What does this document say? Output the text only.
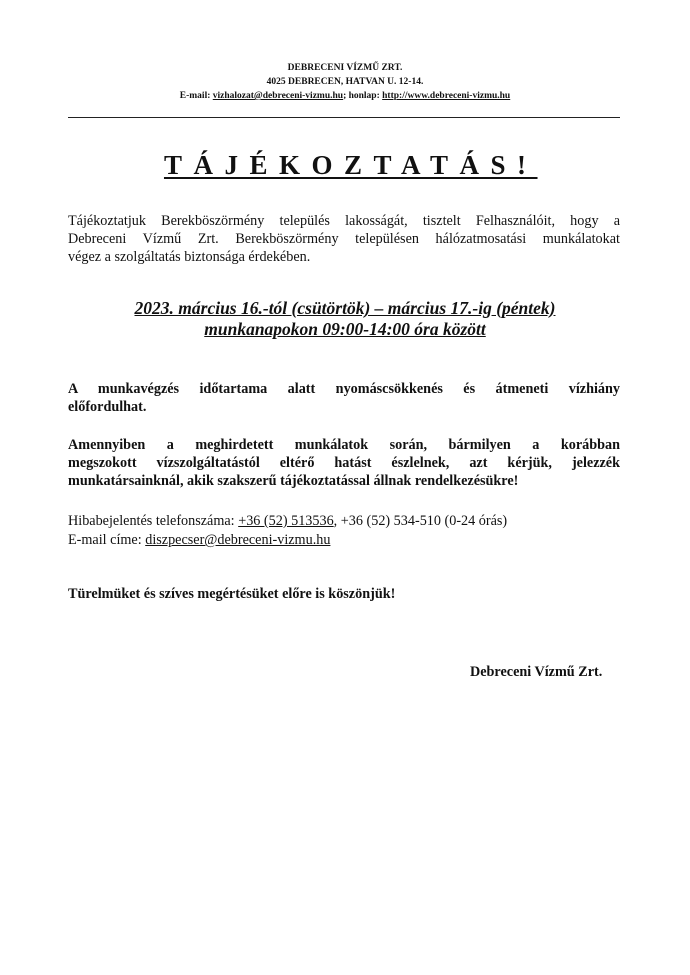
DEBRECENI VÍZMŰ ZRT.
4025 DEBRECEN, HATVAN U. 12-14.
E-mail: vizhalozat@debreceni-vizmu.hu; honlap: http://www.debreceni-vizmu.hu
TÁJÉKOZTATÁS!
Tájékoztatjuk Berekböszörmény település lakosságát, tisztelt Felhasználóit, hogy a
Debreceni Vízmű Zrt. Berekböszörmény településen hálózatmosatási munkálatokat
végez a szolgáltatás biztonsága érdekében.
2023. március 16.-tól (csütörtök) – március 17.-ig (péntek)
munkanapokon 09:00-14:00 óra között
A munkavégzés időtartama alatt nyomáscsökkenés és átmeneti vízhiány
előfordulhat.
Amennyiben a meghirdetett munkálatok során, bármilyen a korábban
megszokott vízszolgáltatástól eltérő hatást észlelnek, azt kérjük, jelezzék
munkatársainknál, akik szakszerű tájékoztatással állnak rendelkezésükre!
Hibabejelentés telefonszáma: +36 (52) 513536, +36 (52) 534-510 (0-24 órás)
E-mail címe: diszpecser@debreceni-vizmu.hu
Türelmüket és szíves megértésüket előre is köszönjük!
Debreceni Vízmű Zrt.
